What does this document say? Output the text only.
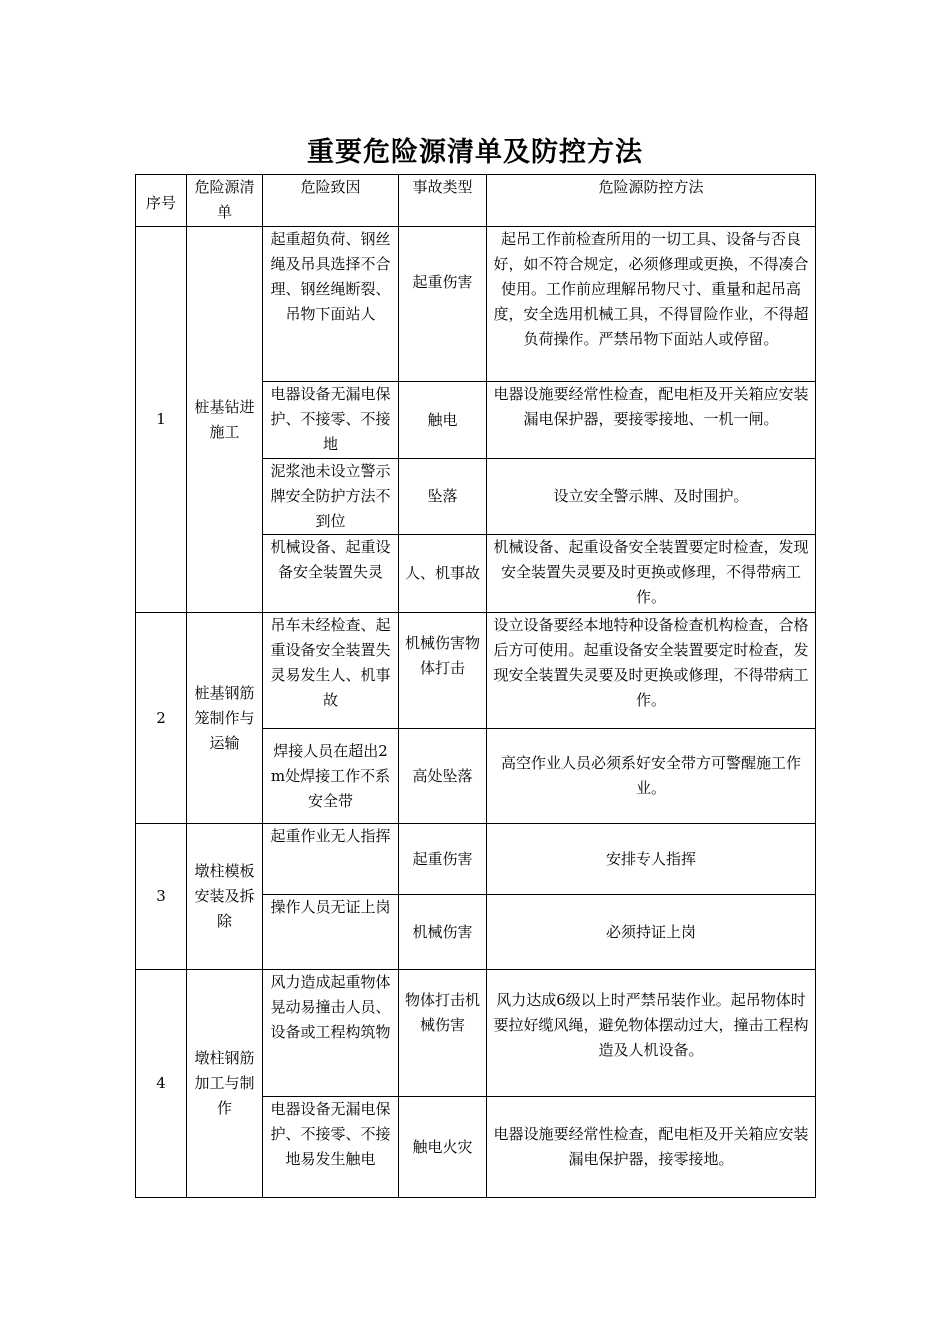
重要危险源清单及防控方法
序号	危险源清单	危险致因	事故类型	危险源防控方法
1	桩基钻进施工	起重超负荷、钢丝绳及吊具选择不合理、钢丝绳断裂、吊物下面站人	起重伤害	起吊工作前检查所用的一切工具、设备与否良好，如不符合规定，必须修理或更换，不得凑合使用。工作前应理解吊物尺寸、重量和起吊高度，安全选用机械工具，不得冒险作业，不得超负荷操作。严禁吊物下面站人或停留。
		电器设备无漏电保护、不接零、不接地	触电	电器设施要经常性检查，配电柜及开关箱应安装漏电保护器，要接零接地、一机一闸。
		泥浆池未设立警示牌安全防护方法不到位	坠落	设立安全警示牌、及时围护。
		机械设备、起重设备安全装置失灵	人、机事故	机械设备、起重设备安全装置要定时检查，发现安全装置失灵要及时更换或修理，不得带病工作。
2	桩基钢筋笼制作与运输	吊车未经检查、起重设备安全装置失灵易发生人、机事故	机械伤害物体打击	设立设备要经本地特种设备检查机构检查，合格后方可使用。起重设备安全装置要定时检查，发现安全装置失灵要及时更换或修理，不得带病工作。
		焊接人员在超出2m处焊接工作不系安全带	高处坠落	高空作业人员必须系好安全带方可警醒施工作业。
3	墩柱模板安装及拆除	起重作业无人指挥	起重伤害	安排专人指挥
		操作人员无证上岗	机械伤害	必须持证上岗
4	墩柱钢筋加工与制作	风力造成起重物体晃动易撞击人员、设备或工程构筑物	物体打击机械伤害	风力达成6级以上时严禁吊装作业。起吊物体时要拉好缆风绳，避免物体摆动过大，撞击工程构造及人机设备。
		电器设备无漏电保护、不接零、不接地易发生触电	触电火灾	电器设施要经常性检查，配电柜及开关箱应安装漏电保护器，接零接地。
